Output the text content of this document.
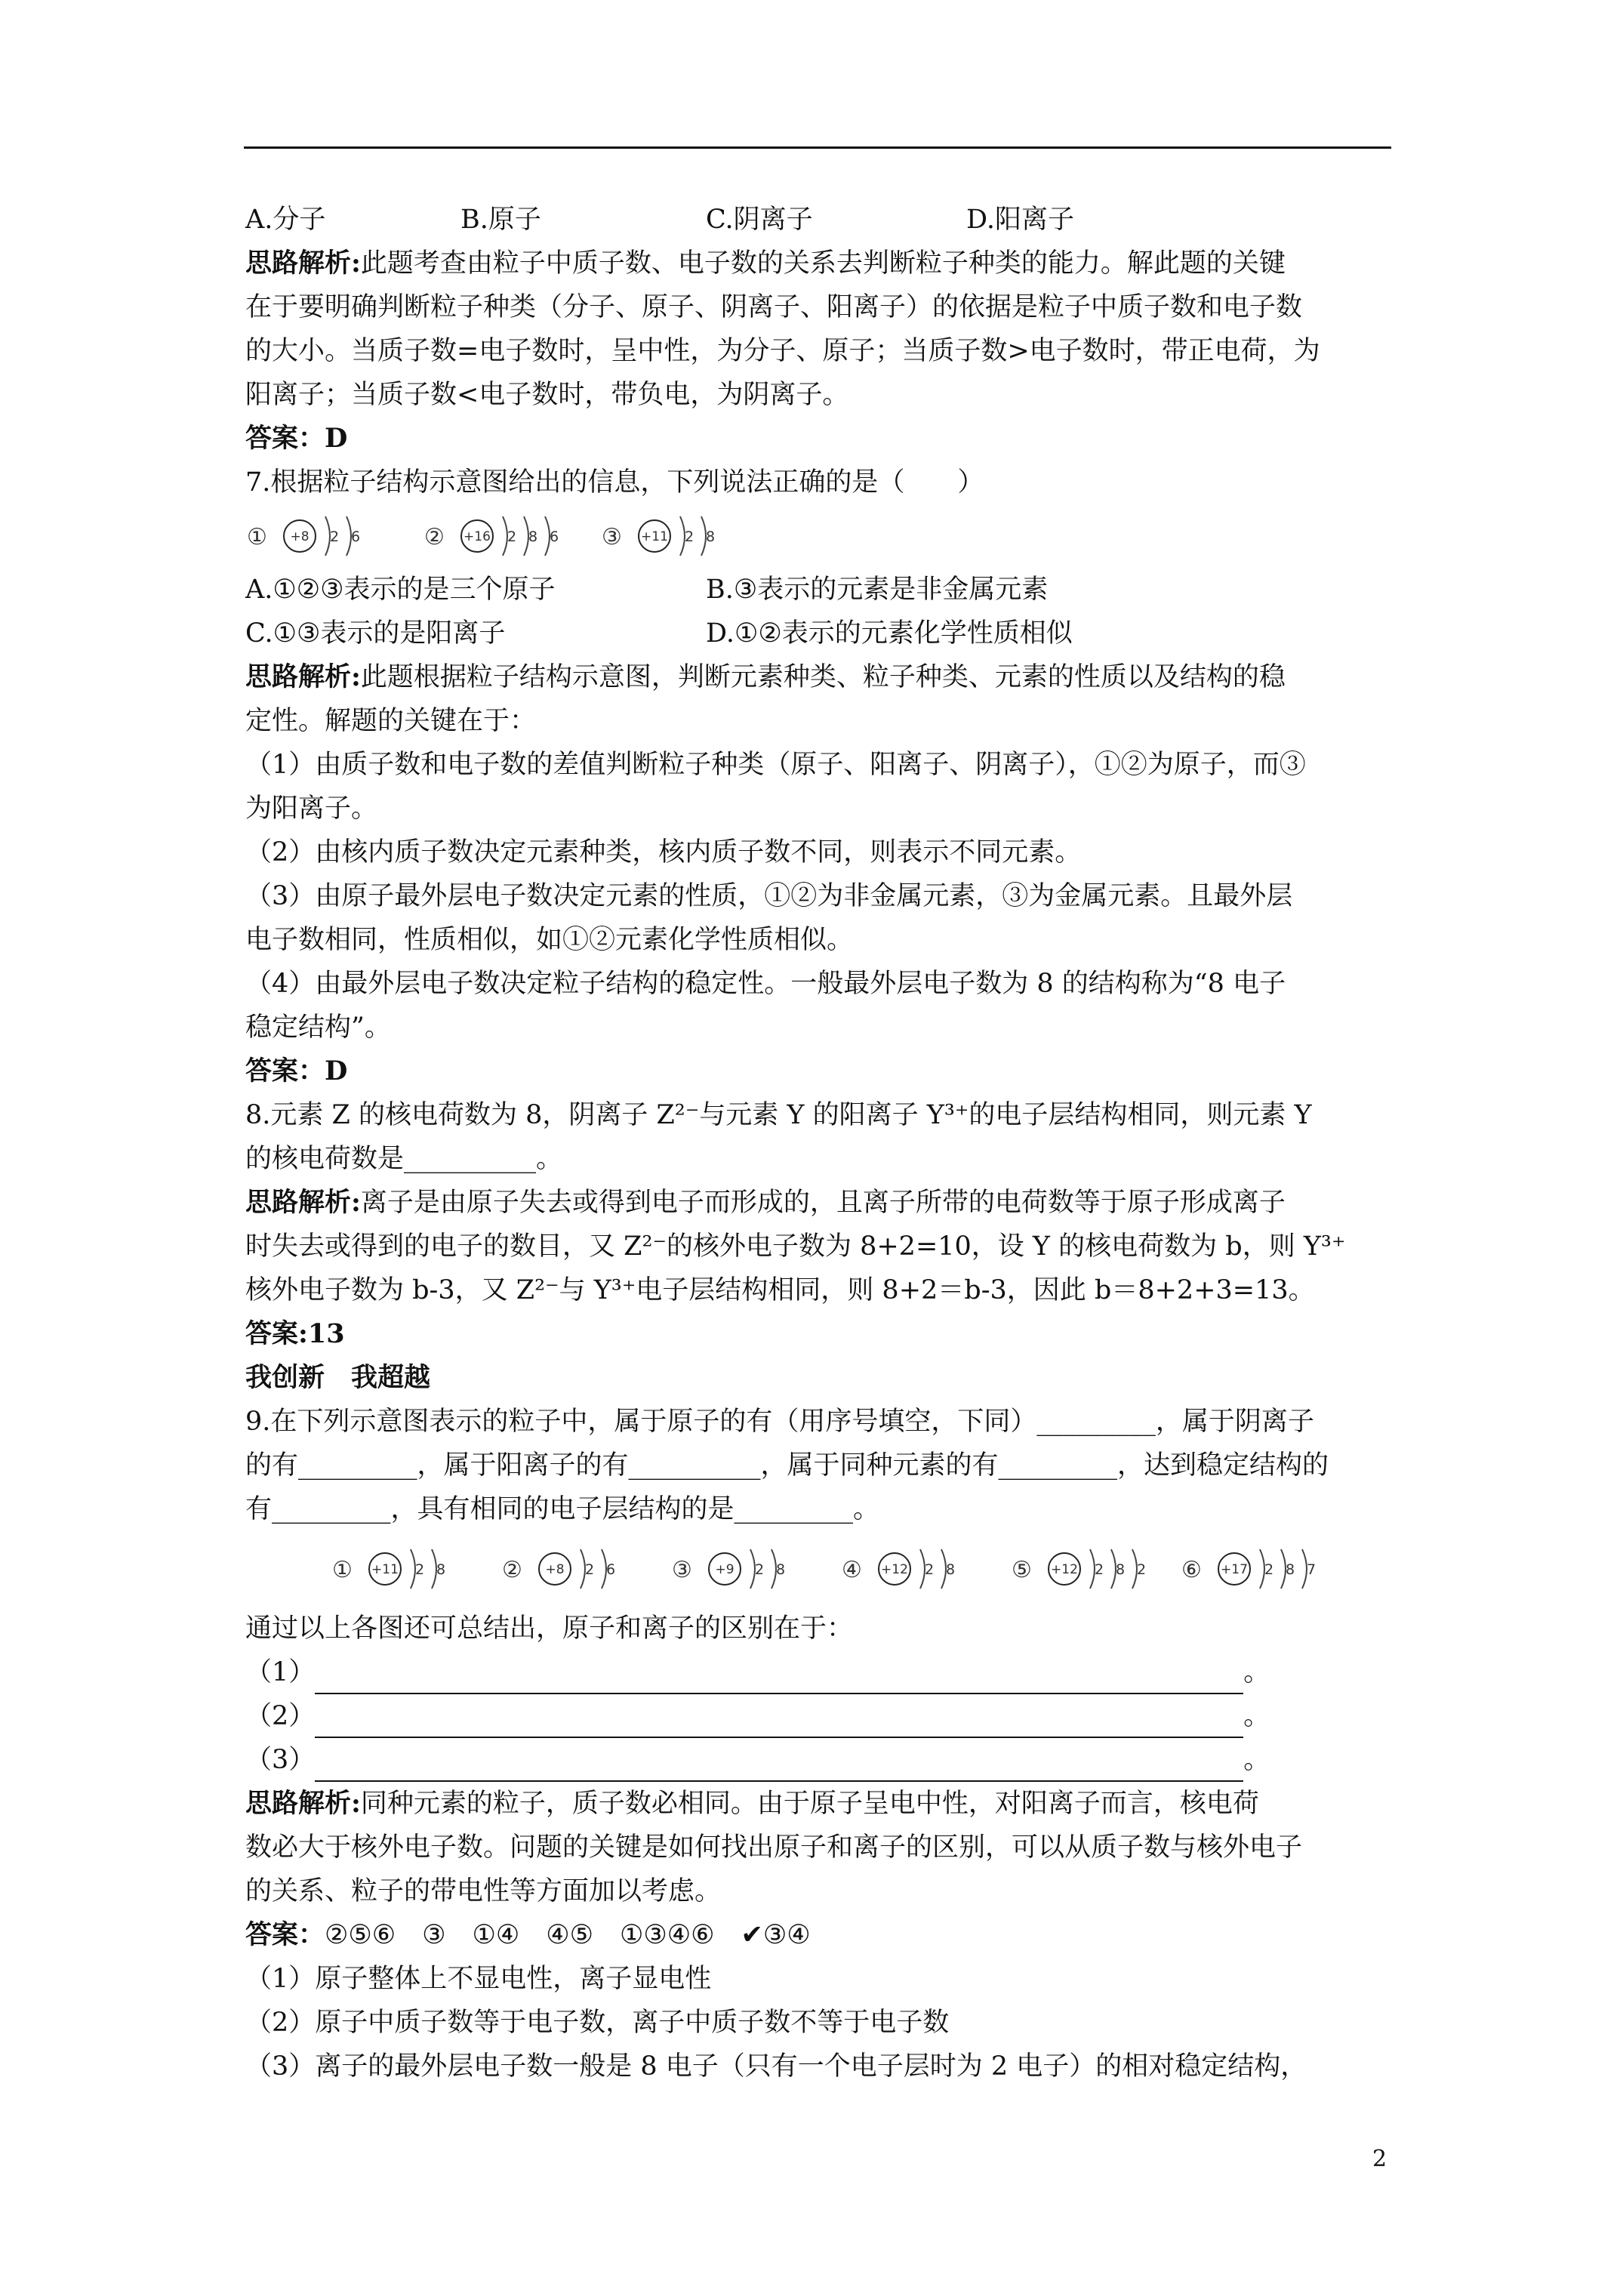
A.分子	B.原子	C.阴离子	D.阳离子
思路解析:此题考查由粒子中质子数、电子数的关系去判断粒子种类的能力。解此题的关键
在于要明确判断粒子种类（分子、原子、阴离子、阳离子）的依据是粒子中质子数和电子数
的大小。当质子数=电子数时，呈中性，为分子、原子；当质子数>电子数时，带正电荷，为
阳离子；当质子数<电子数时，带负电，为阴离子。
答案：D
7.根据粒子结构示意图给出的信息，下列说法正确的是（　　）
① +8 2 6	② +16 2 8 6 ③ +11 2 8
A.①②③表示的是三个原子	B.③表示的元素是非金属元素
C.①③表示的是阳离子	D.①②表示的元素化学性质相似
思路解析:此题根据粒子结构示意图，判断元素种类、粒子种类、元素的性质以及结构的稳
定性。解题的关键在于：
（1）由质子数和电子数的差值判断粒子种类（原子、阳离子、阴离子），①②为原子，而③
为阳离子。
（2）由核内质子数决定元素种类，核内质子数不同，则表示不同元素。
（3）由原子最外层电子数决定元素的性质，①②为非金属元素，③为金属元素。且最外层
电子数相同，性质相似，如①②元素化学性质相似。
（4）由最外层电子数决定粒子结构的稳定性。一般最外层电子数为 8 的结构称为“8 电子
稳定结构”。
答案：D
8.元素 Z 的核电荷数为 8，阴离子 Z²⁻与元素 Y 的阳离子 Y³⁺的电子层结构相同，则元素 Y
的核电荷数是__________。
思路解析:离子是由原子失去或得到电子而形成的，且离子所带的电荷数等于原子形成离子
时失去或得到的电子的数目，又 Z²⁻的核外电子数为 8+2=10，设 Y 的核电荷数为 b，则 Y³⁺
核外电子数为 b-3，又 Z²⁻与 Y³⁺电子层结构相同，则 8+2＝b-3，因此 b＝8+2+3=13。
答案:13
我创新　我超越
9.在下列示意图表示的粒子中，属于原子的有（用序号填空，下同）_________，属于阴离子
的有_________，属于阳离子的有__________，属于同种元素的有_________，达到稳定结构的
有_________，具有相同的电子层结构的是_________。
① +11 2 8 ② +8 2 6 ③ +9 2 8 ④ +12 2 8 ⑤ +12 2 8 2 ⑥ +17 2 8 7
通过以上各图还可总结出，原子和离子的区别在于：
（1）	。
（2）	。
（3）	。
思路解析:同种元素的粒子，质子数必相同。由于原子呈电中性，对阳离子而言，核电荷
数必大于核外电子数。问题的关键是如何找出原子和离子的区别，可以从质子数与核外电子
的关系、粒子的带电性等方面加以考虑。
答案：②⑤⑥　③　①④　④⑤　①③④⑥　✔③④
（1）原子整体上不显电性，离子显电性
（2）原子中质子数等于电子数，离子中质子数不等于电子数
（3）离子的最外层电子数一般是 8 电子（只有一个电子层时为 2 电子）的相对稳定结构，
2
